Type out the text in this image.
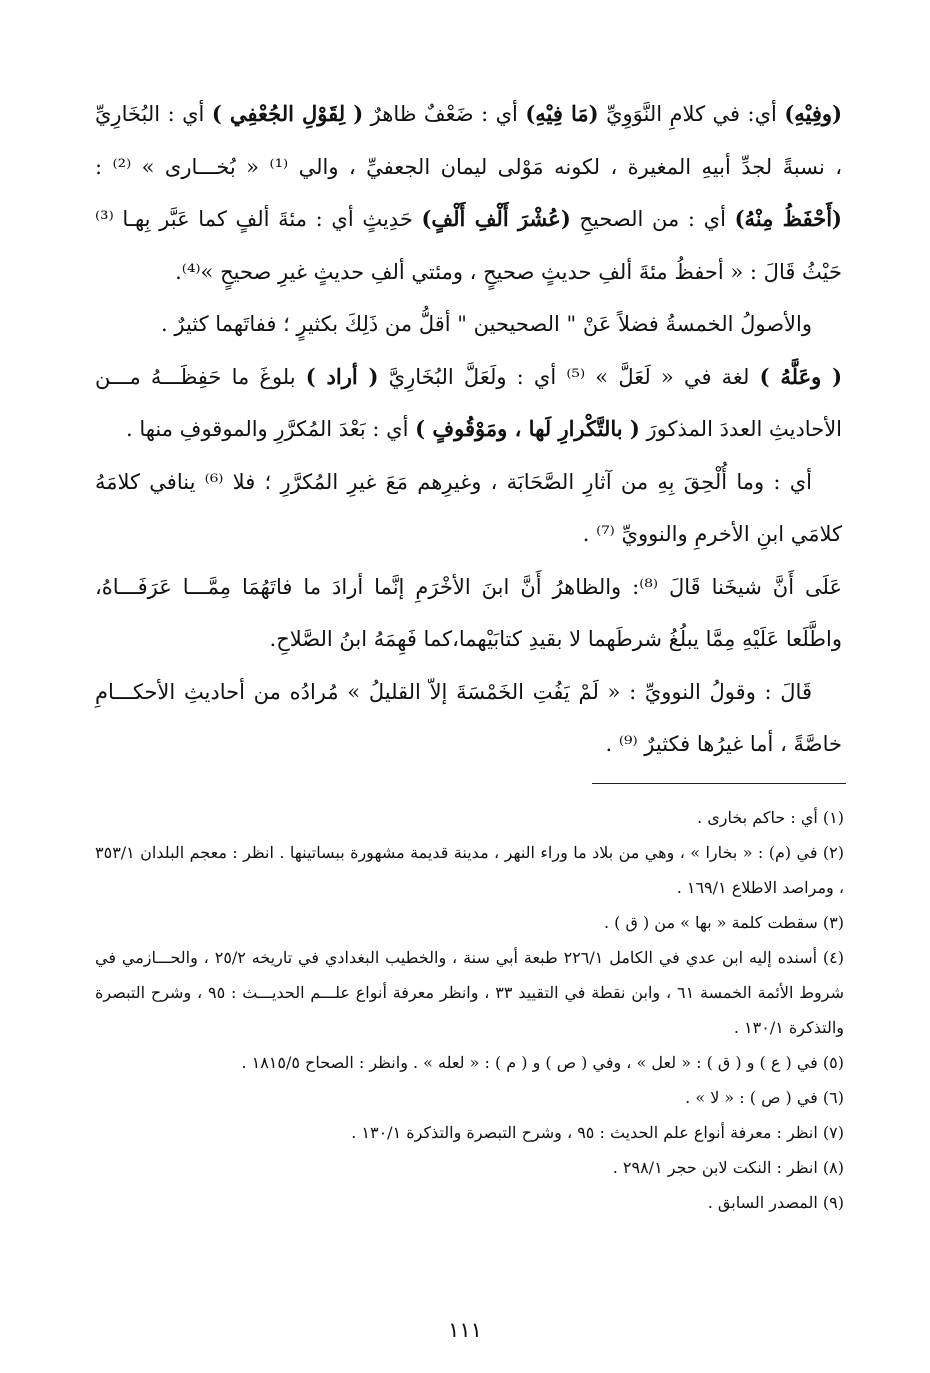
(وفِيْهِ) أي: في كلامِ النَّوَوِيِّ (مَا فِيْهِ) أي : ضَعْفٌ ظاهرٌ ( لِقَوْلِ الجُعْفِي ) أي : البُخَارِيِّ ، نسبةً لجدِّ أبيهِ المغيرة ، لكونه مَوْلى ليمان الجعفيِّ ، والي ⁽¹⁾ « بُخـــارى » ⁽²⁾ : (أَحْفَظُ مِنْهُ) أي : من الصحيحِ (عُشْرَ أَلْفِ أَلْفٍ) حَدِيثٍ أي : مئةَ ألفٍ كما عَبَّر بِهـا ⁽³⁾ حَيْثُ قَالَ : « أحفظُ مئةَ ألفِ حديثٍ صحيحٍ ، ومئتي ألفِ حديثٍ غيرِ صحيحٍ »⁽⁴⁾.

والأصولُ الخمسةُ فضلاً عَنْ " الصحيحين " أقلُّ من ذَلِكَ بكثيرٍ ؛ ففاتَهما كثيرٌ .

( وعَلَّهُ ) لغة في « لَعَلَّ » ⁽⁵⁾ أي : ولَعَلَّ البُخَارِيَّ ( أراد ) بلوغَ ما حَفِظَـــهُ مـــن الأحاديثِ العددَ المذكورَ ( بالتَّكْرارِ لَها ، ومَوْقُوفٍ ) أي : بَعْدَ المُكرَّرِ والموقوفِ منها .

أي : وما أُلْحِقَ بِهِ من آثارِ الصَّحَابَة ، وغيرِهم مَعَ غيرِ المُكرَّرِ ؛ فلا ⁽⁶⁾ ينافي كلامَهُ كلامَي ابنِ الأخرمِ والنوويِّ ⁽⁷⁾ .

عَلَى أَنَّ شيخَنا قَالَ ⁽⁸⁾: والظاهرُ أَنَّ ابنَ الأخْرَمِ إنَّما أرادَ ما فاتَهُمَا مِمَّـــا عَرَفَـــاهُ، واطَّلَعا عَلَيْهِ مِمَّا يبلُغُ شرطَهما لا بقيدِ كتابَيْهما،كما فَهِمَهُ ابنُ الصَّلاحِ.

قَالَ : وقولُ النوويِّ : « لَمْ يَفُتِ الخَمْسَةَ إلاّ القليلُ » مُرادُه من أحاديثِ الأحكـــامِ خاصَّةً ، أما غيرُها فكثيرٌ ⁽⁹⁾ .

(١) أي : حاكم بخارى .

(٢) في (م) : « بخارا » ، وهي من بلاد ما وراء النهر ، مدينة قديمة مشهورة ببساتينها . انظر : معجم البلدان ٣٥٣/١ ، ومراصد الاطلاع ١٦٩/١ .

(٣) سقطت كلمة « بها » من ( ق ) .

(٤) أسنده إليه ابن عدي في الكامل ٢٢٦/١ طبعة أبي سنة ، والخطيب البغدادي في تاريخه ٢٥/٢ ، والحـــازمي في شروط الأئمة الخمسة ٦١ ، وابن نقطة في التقييد ٣٣ ، وانظر معرفة أنواع علـــم الحديـــث : ٩٥ ، وشرح التبصرة والتذكرة ١٣٠/١ .

(٥) في ( ع ) و ( ق ) : « لعل » ، وفي ( ص ) و ( م ) : « لعله » . وانظر : الصحاح ١٨١٥/٥ .

(٦) في ( ص ) : « لا » .

(٧) انظر : معرفة أنواع علم الحديث : ٩٥ ، وشرح التبصرة والتذكرة ١٣٠/١ .

(٨) انظر : النكت لابن حجر ٢٩٨/١ .

(٩) المصدر السابق .

١١١
